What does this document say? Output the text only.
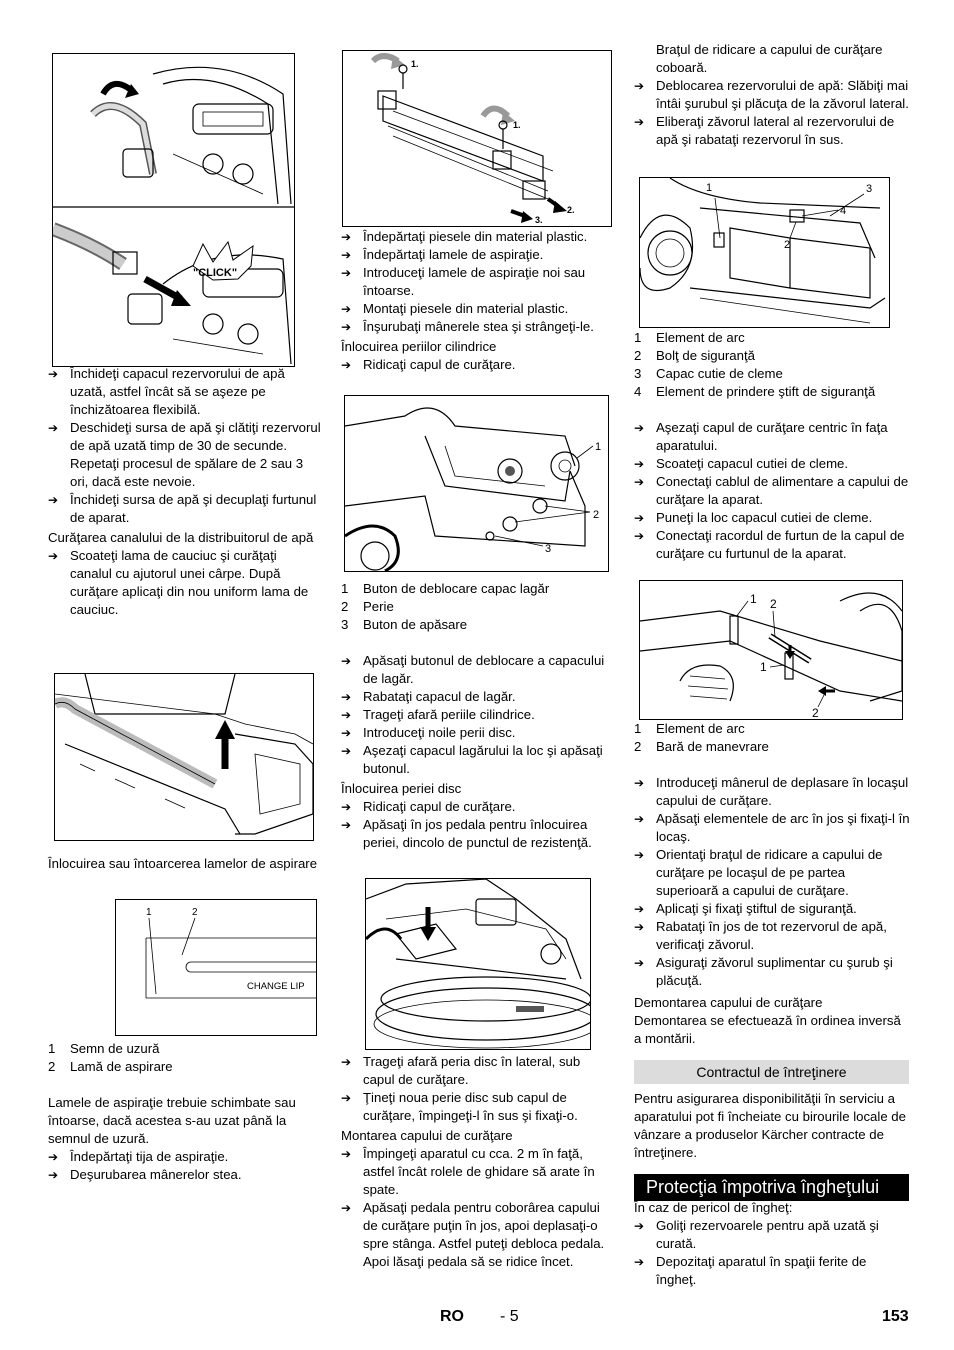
"CLICK"
➔ Închideţi capacul rezervorului de apă uzată, astfel încât să se aşeze pe închizătoarea flexibilă.
➔ Deschideţi sursa de apă şi clătiţi rezervorul de apă uzată timp de 30 de secunde.

Repetaţi procesul de spălare de 2 sau 3 ori, dacă este nevoie.

➔ Închideţi sursa de apă şi decuplaţi furtunul de aparat.

Curăţarea canalului de la distribuitorul de apă

➔ Scoateţi lama de cauciuc şi curăţaţi canalul cu ajutorul unei cârpe. După curăţare aplicaţi din nou uniform lama de cauciuc.

Înlocuirea sau întoarcerea lamelor de aspirare

1	2
CHANGE LIP
1 Semn de uzură
2 Lamă de aspirare

Lamele de aspiraţie trebuie schimbate sau întoarse, dacă acestea s-au uzat până la semnul de uzură.

➔ Îndepărtaţi tija de aspiraţie.
➔ Deşurubarea mânerelor stea.
1.
1.
2.
3.
➔ Îndepărtaţi piesele din material plastic.
➔ Îndepărtaţi lamele de aspiraţie.
➔ Introduceţi lamele de aspiraţie noi sau întoarse.
➔ Montaţi piesele din material plastic.
➔ Înşurubaţi mânerele stea şi strângeţi-le.

Înlocuirea periilor cilindrice

➔ Ridicaţi capul de curăţare.
1
2
3
1 Buton de deblocare capac lagăr
2 Perie
3 Buton de apăsare
➔ Apăsaţi butonul de deblocare a capacului de lagăr.
➔ Rabataţi capacul de lagăr.
➔ Trageţi afară periile cilindrice.
➔ Introduceţi noile perii disc.
➔ Aşezaţi capacul lagărului la loc şi apăsaţi butonul.

Înlocuirea periei disc

➔ Ridicaţi capul de curăţare.
➔ Apăsaţi în jos pedala pentru înlocuirea periei, dincolo de punctul de rezistenţă.
➔ Trageţi afară peria disc în lateral, sub capul de curăţare.
➔ Ţineţi noua perie disc sub capul de curăţare, împingeţi-l în sus şi fixaţi-o.

Montarea capului de curăţare

➔ Împingeţi aparatul cu cca. 2 m în faţă, astfel încât rolele de ghidare să arate în spate.
➔ Apăsaţi pedala pentru coborârea capului de curăţare puţin în jos, apoi deplasaţi-o spre stânga. Astfel puteţi debloca pedala. Apoi lăsaţi pedala să se ridice încet.

Braţul de ridicare a capului de curăţare coboară.

➔ Deblocarea rezervorului de apă: Slăbiţi mai întâi şurubul şi plăcuţa de la zăvorul lateral.
➔ Eliberaţi zăvorul lateral al rezervorului de apă şi rabataţi rezervorul în sus.
1	3
4
2
1 Element de arc
2 Bolţ de siguranţă
3 Capac cutie de cleme
4 Element de prindere ştift de siguranţă
➔ Aşezaţi capul de curăţare centric în faţa aparatului.
➔ Scoateţi capacul cutiei de cleme.
➔ Conectaţi cablul de alimentare a capului de curăţare la aparat.
➔ Puneţi la loc capacul cutiei de cleme.
➔ Conectaţi racordul de furtun de la capul de curăţare cu furtunul de la aparat.
1 2
1
2
1 Element de arc
2 Bară de manevrare
➔ Introduceţi mânerul de deplasare în locaşul capului de curăţare.
➔ Apăsaţi elementele de arc în jos şi fixaţi-l în locaş.
➔ Orientaţi braţul de ridicare a capului de curăţare pe locaşul de pe partea superioară a capului de curăţare.
➔ Aplicaţi şi fixaţi ştiftul de siguranţă.
➔ Rabataţi în jos de tot rezervorul de apă, verificaţi zăvorul.
➔ Asiguraţi zăvorul suplimentar cu şurub şi plăcuţă.

Demontarea capului de curăţare

Demontarea se efectuează în ordinea inversă a montării.

Contractul de întreţinere

Pentru asigurarea disponibilităţii în serviciu a aparatului pot fi încheiate cu birourile locale de vânzare a produselor Kärcher contracte de întreţinere.

Protecţia împotriva îngheţului

În caz de pericol de îngheţ:

➔ Goliţi rezervoarele pentru apă uzată şi curată.
➔ Depozitaţi aparatul în spaţii ferite de îngheţ.
RO - 5	153
